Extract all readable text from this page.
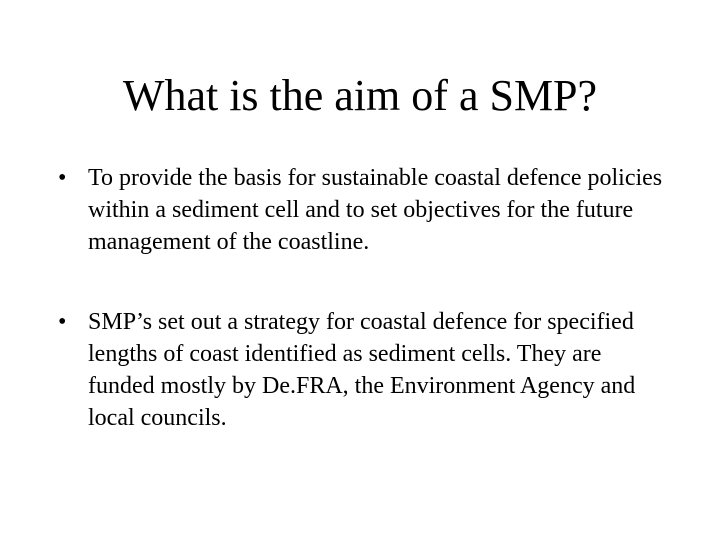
What is the aim of a SMP?
• To provide the basis for sustainable coastal defence policies within a sediment cell and to set objectives for the future management of the coastline.
• SMP’s set out a strategy for coastal defence for specified lengths of coast identified as sediment cells. They are funded mostly by De.FRA, the Environment Agency and local councils.
